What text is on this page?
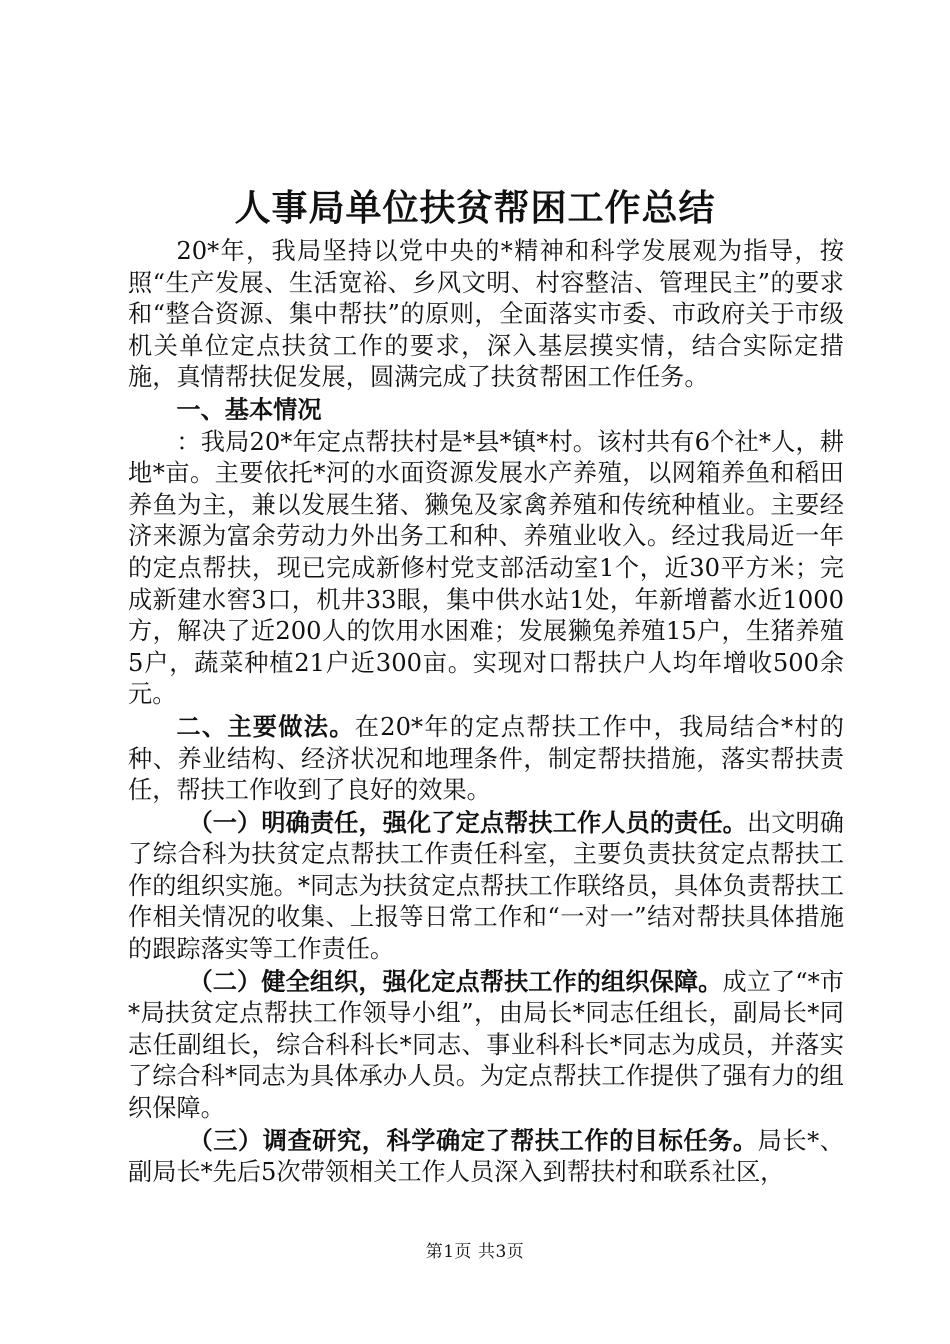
人事局单位扶贫帮困工作总结

20*年，我局坚持以党中央的*精神和科学发展观为指导，按照“生产发展、生活宽裕、乡风文明、村容整洁、管理民主”的要求和“整合资源、集中帮扶”的原则，全面落实市委、市政府关于市级机关单位定点扶贫工作的要求，深入基层摸实情，结合实际定措施，真情帮扶促发展，圆满完成了扶贫帮困工作任务。

一、基本情况

：我局20*年定点帮扶村是*县*镇*村。该村共有6个社*人，耕地*亩。主要依托*河的水面资源发展水产养殖，以网箱养鱼和稻田养鱼为主，兼以发展生猪、獭兔及家禽养殖和传统种植业。主要经济来源为富余劳动力外出务工和种、养殖业收入。经过我局近一年的定点帮扶，现已完成新修村党支部活动室1个，近30平方米；完成新建水窖3口，机井33眼，集中供水站1处，年新增蓄水近1000方，解决了近200人的饮用水困难；发展獭兔养殖15户，生猪养殖5户，蔬菜种植21户近300亩。实现对口帮扶户人均年增收500余元。

二、主要做法。在20*年的定点帮扶工作中，我局结合*村的种、养业结构、经济状况和地理条件，制定帮扶措施，落实帮扶责任，帮扶工作收到了良好的效果。

（一）明确责任，强化了定点帮扶工作人员的责任。出文明确了综合科为扶贫定点帮扶工作责任科室，主要负责扶贫定点帮扶工作的组织实施。*同志为扶贫定点帮扶工作联络员，具体负责帮扶工作相关情况的收集、上报等日常工作和“一对一”结对帮扶具体措施的跟踪落实等工作责任。

（二）健全组织，强化定点帮扶工作的组织保障。成立了“*市*局扶贫定点帮扶工作领导小组”，由局长*同志任组长，副局长*同志任副组长，综合科科长*同志、事业科科长*同志为成员，并落实了综合科*同志为具体承办人员。为定点帮扶工作提供了强有力的组织保障。

（三）调查研究，科学确定了帮扶工作的目标任务。局长*、副局长*先后5次带领相关工作人员深入到帮扶村和联系社区，

第1页 共3页
